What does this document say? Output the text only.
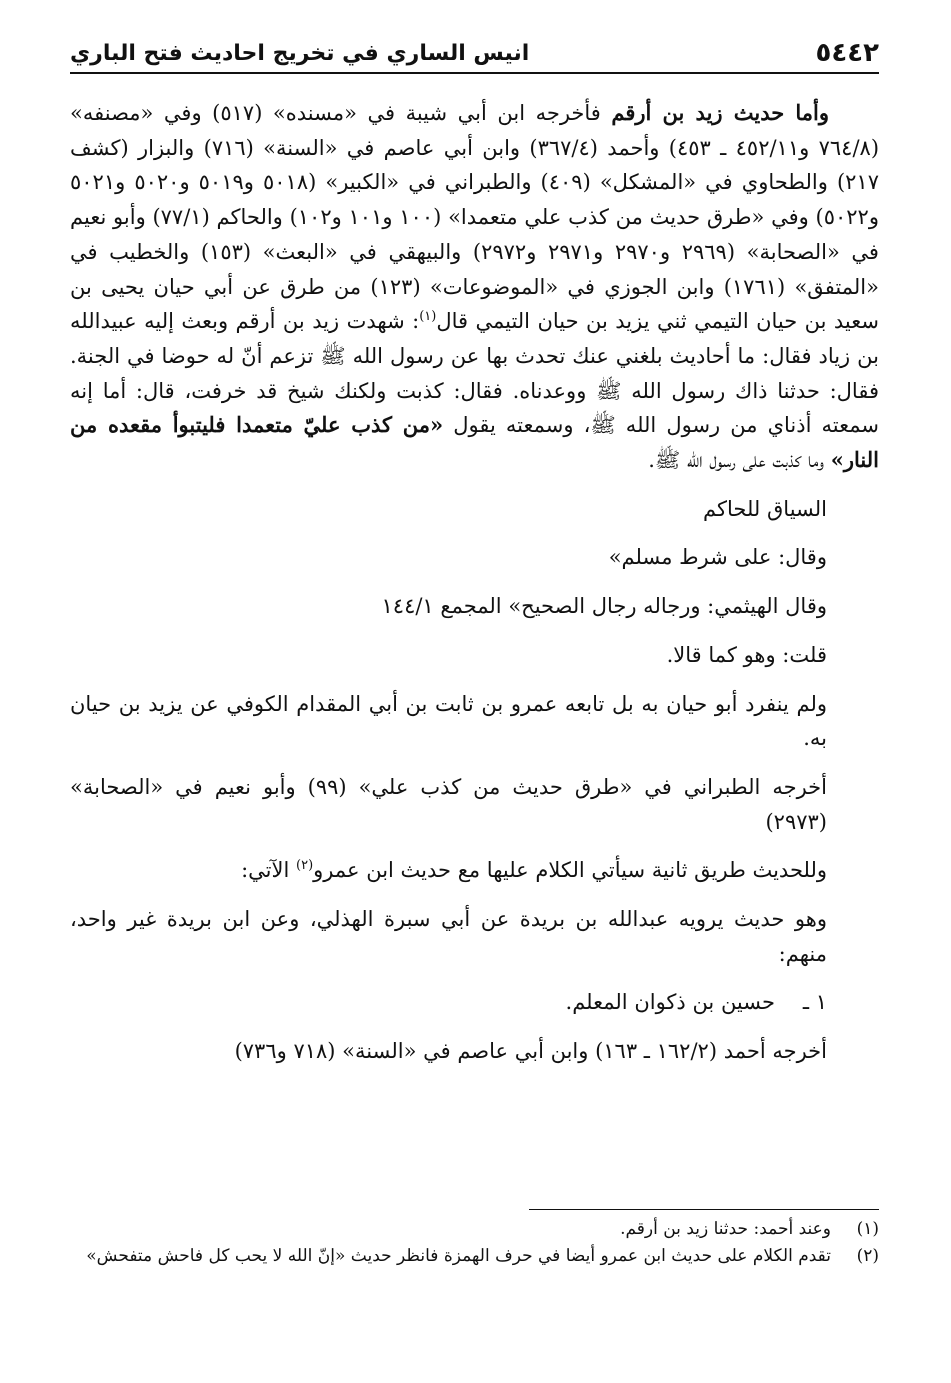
٥٤٤٢
انيس الساري في تخريج احاديث فتح الباري

وأما حديث زيد بن أرقم فأخرجه ابن أبي شيبة في «مسنده» (٥١٧) وفي «مصنفه» (٧٦٤/٨ و٤٥٢/١١ ـ ٤٥٣) وأحمد (٣٦٧/٤) وابن أبي عاصم في «السنة» (٧١٦) والبزار (كشف ٢١٧) والطحاوي في «المشكل» (٤٠٩) والطبراني في «الكبير» (٥٠١٨ و٥٠١٩ و٥٠٢٠ و٥٠٢١ و٥٠٢٢) وفي «طرق حديث من كذب علي متعمدا» (١٠٠ و١٠١ و١٠٢) والحاكم (٧٧/١) وأبو نعيم في «الصحابة» (٢٩٦٩ و٢٩٧٠ و٢٩٧١ و٢٩٧٢) والبيهقي في «البعث» (١٥٣) والخطيب في «المتفق» (١٧٦١) وابن الجوزي في «الموضوعات» (١٢٣) من طرق عن أبي حيان يحيى بن سعيد بن حيان التيمي ثني يزيد بن حيان التيمي قال$^{(١)}$: شهدت زيد بن أرقم وبعث إليه عبيدالله بن زياد فقال: ما أحاديث بلغني عنك تحدث بها عن رسول الله ﷺ تزعم أنّ له حوضا في الجنة. فقال: حدثنا ذاك رسول الله ﷺ ووعدناه. فقال: كذبت ولكنك شيخ قد خرفت، قال: أما إنه سمعته أذناي من رسول الله ﷺ، وسمعته يقول «من كذب عليّ متعمدا فليتبوأ مقعده من النار» وما كذبت على رسول الله ﷺ.

السياق للحاكم

وقال: على شرط مسلم»

وقال الهيثمي: ورجاله رجال الصحيح» المجمع ١٤٤/١

قلت: وهو كما قالا.

ولم ينفرد أبو حيان به بل تابعه عمرو بن ثابت بن أبي المقدام الكوفي عن يزيد بن حيان به.

أخرجه الطبراني في «طرق حديث من كذب علي» (٩٩) وأبو نعيم في «الصحابة» (٢٩٧٣)

وللحديث طريق ثانية سيأتي الكلام عليها مع حديث ابن عمرو$^{(٢)}$ الآتي:

وهو حديث يرويه عبدالله بن بريدة عن أبي سبرة الهذلي، وعن ابن بريدة غير واحد، منهم:

١ ـ
حسين بن ذكوان المعلم.

أخرجه أحمد (١٦٢/٢ ـ ١٦٣) وابن أبي عاصم في «السنة» (٧١٨ و٧٣٦)

(١)
وعند أحمد: حدثنا زيد بن أرقم.

(٢)
تقدم الكلام على حديث ابن عمرو أيضا في حرف الهمزة فانظر حديث «إنّ الله لا يحب كل فاحش متفحش»
